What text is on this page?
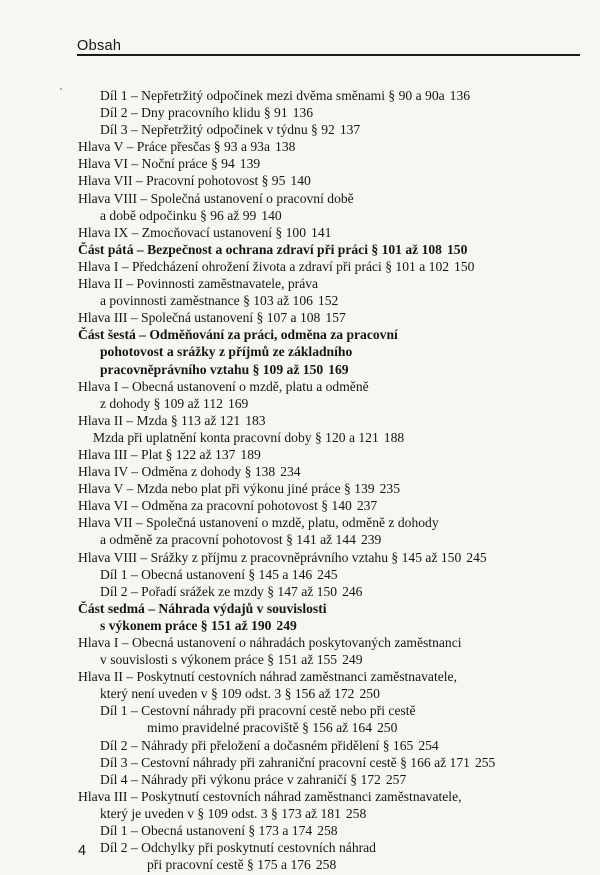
Obsah
Díl 1 – Nepřetržitý odpočinek mezi dvěma směnami § 90 a 90a 136
Díl 2 – Dny pracovního klidu § 91 136
Díl 3 – Nepřetržitý odpočinek v týdnu § 92 137
Hlava V – Práce přesčas § 93 a 93a 138
Hlava VI – Noční práce § 94 139
Hlava VII – Pracovní pohotovost § 95 140
Hlava VIII – Společná ustanovení o pracovní době
a době odpočinku § 96 až 99 140
Hlava IX – Zmocňovací ustanovení § 100 141
Část pátá – Bezpečnost a ochrana zdraví při práci § 101 až 108 150
Hlava I – Předcházení ohrožení života a zdraví při práci § 101 a 102 150
Hlava II – Povinnosti zaměstnavatele, práva
a povinnosti zaměstnance § 103 až 106 152
Hlava III – Společná ustanovení § 107 a 108 157
Část šestá – Odměňování za práci, odměna za pracovní
pohotovost a srážky z příjmů ze základního
pracovněprávního vztahu § 109 až 150 169
Hlava I – Obecná ustanovení o mzdě, platu a odměně
z dohody § 109 až 112 169
Hlava II – Mzda § 113 až 121 183
Mzda při uplatnění konta pracovní doby § 120 a 121 188
Hlava III – Plat § 122 až 137 189
Hlava IV – Odměna z dohody § 138 234
Hlava V – Mzda nebo plat při výkonu jiné práce § 139 235
Hlava VI – Odměna za pracovní pohotovost § 140 237
Hlava VII – Společná ustanovení o mzdě, platu, odměně z dohody
a odměně za pracovní pohotovost § 141 až 144 239
Hlava VIII – Srážky z příjmu z pracovněprávního vztahu § 145 až 150 245
Díl 1 – Obecná ustanovení § 145 a 146 245
Díl 2 – Pořadí srážek ze mzdy § 147 až 150 246
Část sedmá – Náhrada výdajů v souvislosti
s výkonem práce § 151 až 190 249
Hlava I – Obecná ustanovení o náhradách poskytovaných zaměstnanci
v souvislosti s výkonem práce § 151 až 155 249
Hlava II – Poskytnutí cestovních náhrad zaměstnanci zaměstnavatele,
který není uveden v § 109 odst. 3 § 156 až 172 250
Díl 1 – Cestovní náhrady při pracovní cestě nebo při cestě
mimo pravidelné pracoviště § 156 až 164 250
Díl 2 – Náhrady při přeložení a dočasném přidělení § 165 254
Díl 3 – Cestovní náhrady při zahraniční pracovní cestě § 166 až 171 255
Díl 4 – Náhrady při výkonu práce v zahraničí § 172 257
Hlava III – Poskytnutí cestovních náhrad zaměstnanci zaměstnavatele,
který je uveden v § 109 odst. 3 § 173 až 181 258
Díl 1 – Obecná ustanovení § 173 a 174 258
Díl 2 – Odchylky při poskytnutí cestovních náhrad
při pracovní cestě § 175 a 176 258
4
